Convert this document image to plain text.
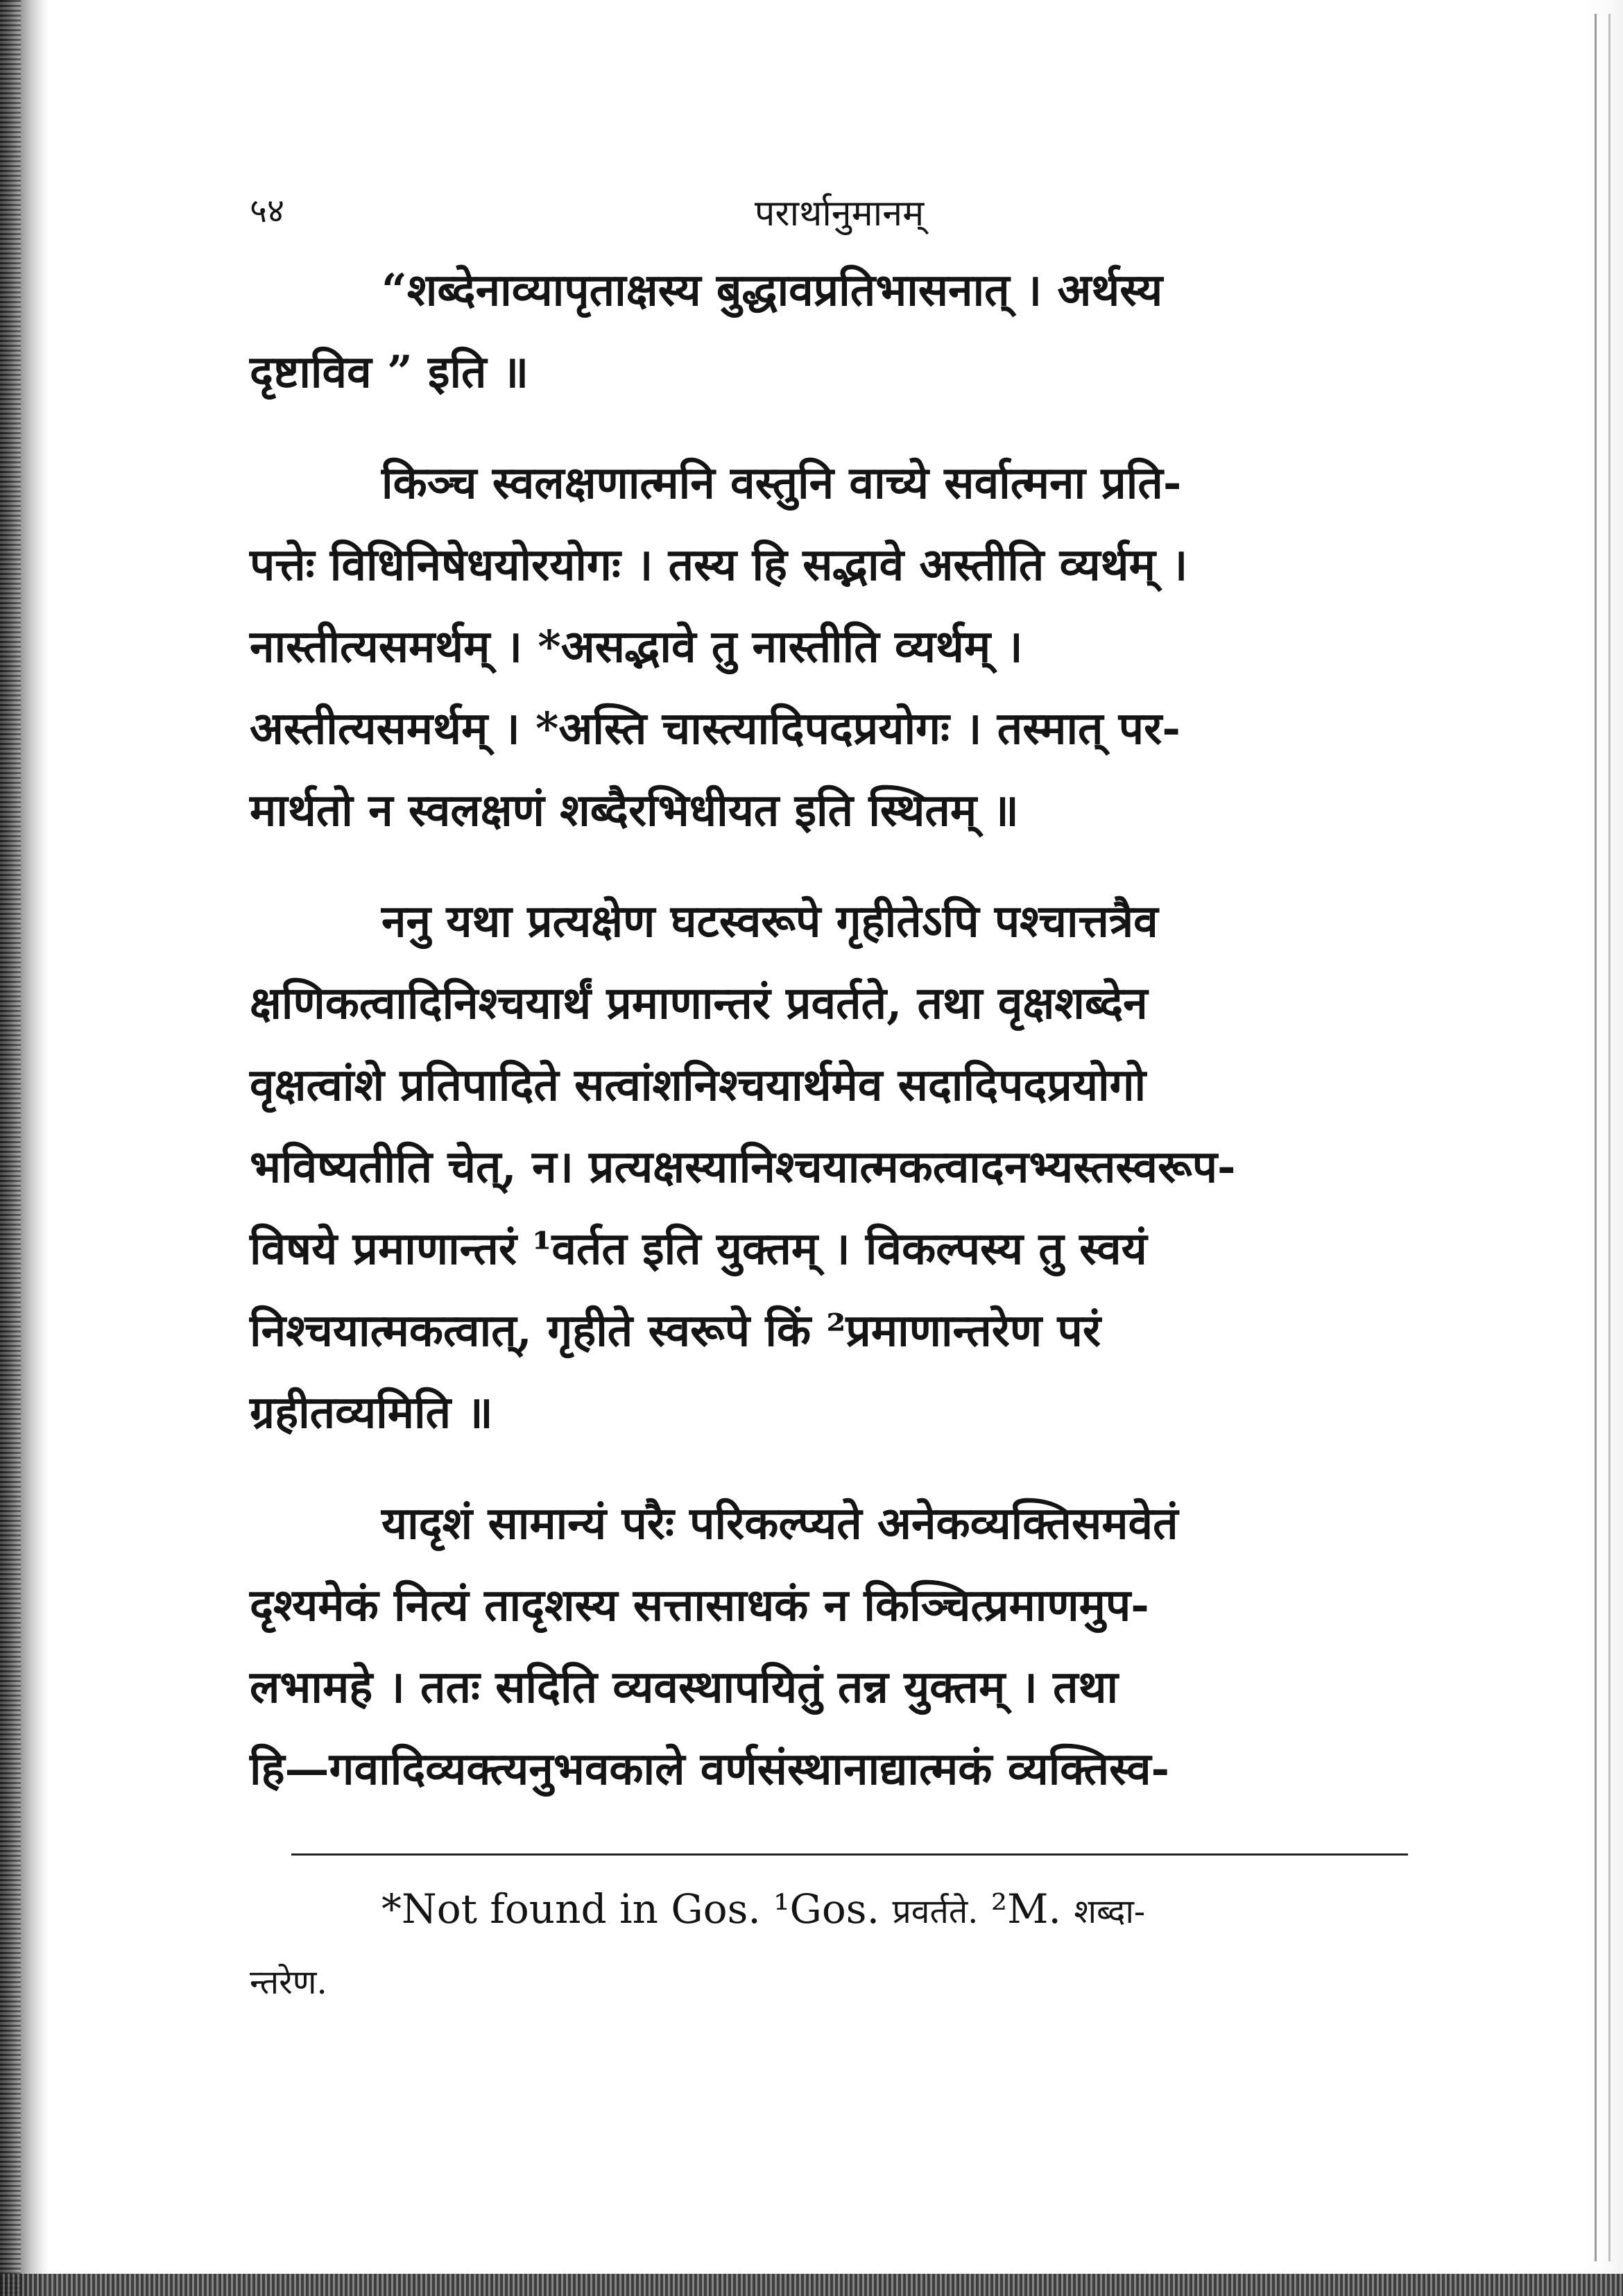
५४	परार्थानुमानम्

“शब्देनाव्यापृताक्षस्य बुद्धावप्रतिभासनात् । अर्थस्य
दृष्टाविव ” इति ॥

किञ्च स्वलक्षणात्मनि वस्तुनि वाच्ये सर्वात्मना प्रति-
पत्तेः विधिनिषेधयोरयोगः । तस्य हि सद्भावे अस्तीति व्यर्थम् ।
नास्तीत्यसमर्थम् । *असद्भावे तु नास्तीति व्यर्थम् ।
अस्तीत्यसमर्थम् । *अस्ति चास्त्यादिपदप्रयोगः । तस्मात् पर-
मार्थतो न स्वलक्षणं शब्दैरभिधीयत इति स्थितम् ॥

ननु यथा प्रत्यक्षेण घटस्वरूपे गृहीतेऽपि पश्चात्तत्रैव
क्षणिकत्वादिनिश्चयार्थं प्रमाणान्तरं प्रवर्तते, तथा वृक्षशब्देन
वृक्षत्वांशे प्रतिपादिते सत्वांशनिश्चयार्थमेव सदादिपदप्रयोगो
भविष्यतीति चेत्, न। प्रत्यक्षस्यानिश्चयात्मकत्वादनभ्यस्तस्वरूप-
विषये प्रमाणान्तरं ¹वर्तत इति युक्तम् । विकल्पस्य तु स्वयं
निश्चयात्मकत्वात्, गृहीते स्वरूपे किं ²प्रमाणान्तरेण परं
ग्रहीतव्यमिति ॥

यादृशं सामान्यं परैः परिकल्प्यते अनेकव्यक्तिसमवेतं
दृश्यमेकं नित्यं तादृशस्य सत्तासाधकं न किञ्चित्प्रमाणमुप-
लभामहे । ततः सदिति व्यवस्थापयितुं तन्न युक्तम् । तथा
हि—गवादिव्यक्त्यनुभवकाले वर्णसंस्थानाद्यात्मकं व्यक्तिस्व-

*Not found in Gos. ¹Gos. प्रवर्तते. ²M. शब्दा-
न्तरेण.
